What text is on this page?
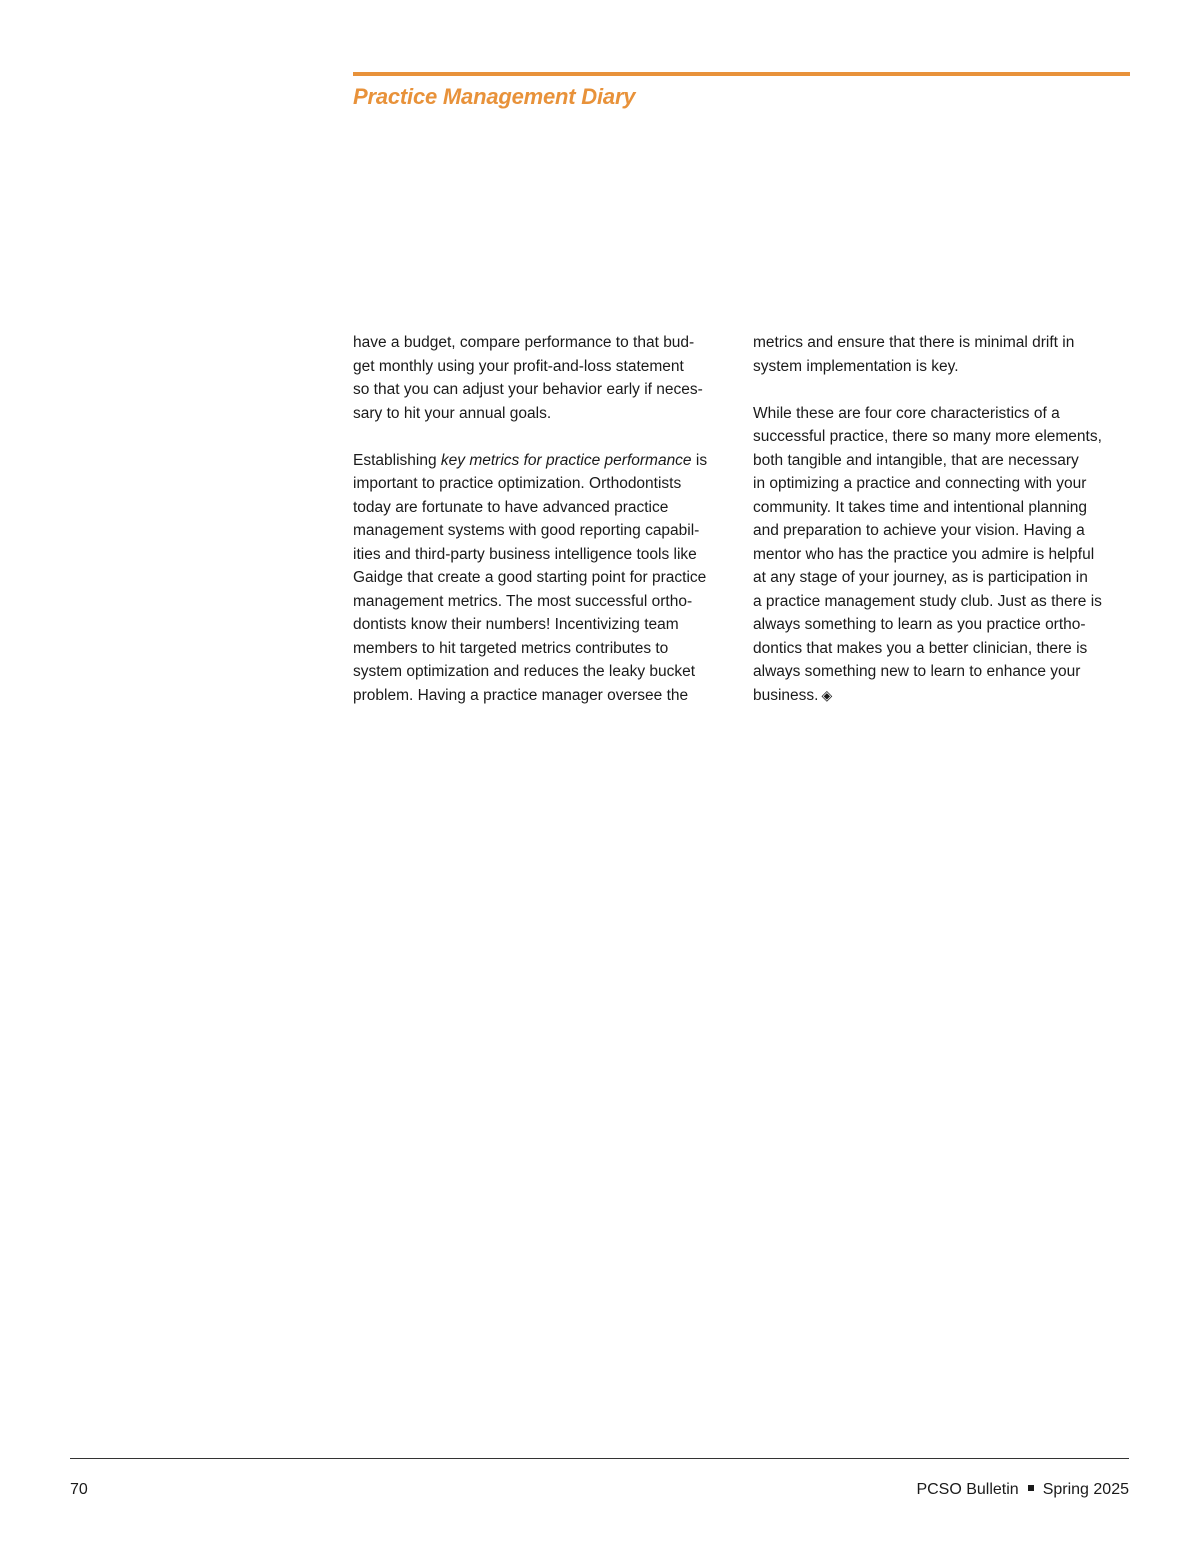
Practice Management Diary

have a budget, compare performance to that bud-
get monthly using your profit-and-loss statement
so that you can adjust your behavior early if neces-
sary to hit your annual goals.

Establishing key metrics for practice performance is
important to practice optimization. Orthodontists
today are fortunate to have advanced practice
management systems with good reporting capabil-
ities and third-party business intelligence tools like
Gaidge that create a good starting point for practice
management metrics. The most successful ortho-
dontists know their numbers! Incentivizing team
members to hit targeted metrics contributes to
system optimization and reduces the leaky bucket
problem. Having a practice manager oversee the

metrics and ensure that there is minimal drift in
system implementation is key.

While these are four core characteristics of a
successful practice, there so many more elements,
both tangible and intangible, that are necessary
in optimizing a practice and connecting with your
community. It takes time and intentional planning
and preparation to achieve your vision. Having a
mentor who has the practice you admire is helpful
at any stage of your journey, as is participation in
a practice management study club. Just as there is
always something to learn as you practice ortho-
dontics that makes you a better clinician, there is
always something new to learn to enhance your
business. ◈

70	PCSO Bulletin Spring 2025
